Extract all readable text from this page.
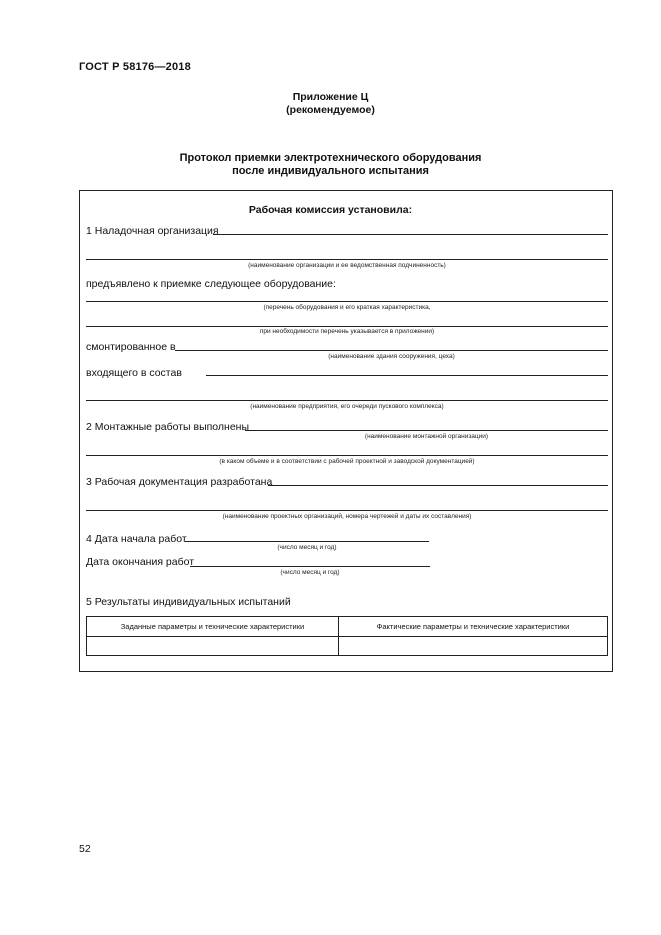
ГОСТ Р 58176—2018
Приложение Ц
(рекомендуемое)
Протокол приемки электротехнического оборудования
после индивидуального испытания
Рабочая комиссия установила:
1 Наладочная организация
(наименование организации и ее ведомственная подчиненность)
предъявлено к приемке следующее оборудование:
(перечень оборудования и его краткая характеристика,
при необходимости перечень указывается в приложении)
смонтированное в
(наименование здания сооружения, цеха)
входящего в состав
(наименование предприятия, его очереди пускового комплекса)
2 Монтажные работы выполнены
(наименование монтажной организации)
(в каком объеме и в соответствии с рабочей проектной и заводской документацией)
3 Рабочая документация разработана
(наименование проектных организаций, номера чертежей и даты их составления)
4 Дата начала работ
(число месяц и год)
Дата окончания работ
(число месяц и год)
5 Результаты индивидуальных испытаний
Заданные параметры и технические характеристики	Фактические параметры и технические характеристики
52
